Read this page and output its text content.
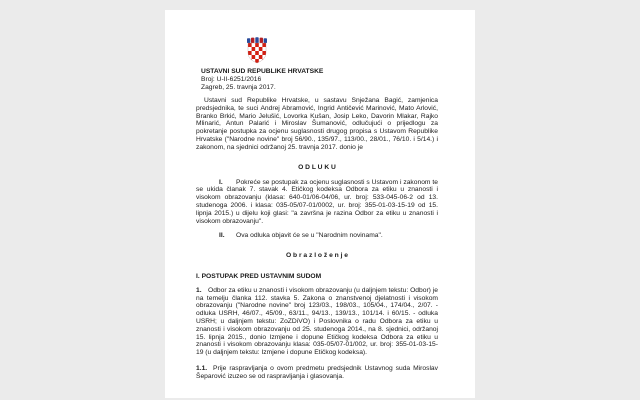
USTAVNI SUD REPUBLIKE HRVATSKE
Broj: U-II-6251/2016
Zagreb, 25. travnja 2017.

Ustavni sud Republike Hrvatske, u sastavu Snježana Bagić, zamjenica predsjednika, te suci Andrej Abramović, Ingrid Antičević Marinović, Mato Arlović, Branko Brkić, Mario Jelušić, Lovorka Kušan, Josip Leko, Davorin Mlakar, Rajko Mlinarić, Antun Palarić i Miroslav Šumanović, odlučujući o prijedlogu za pokretanje postupka za ocjenu suglasnosti drugog propisa s Ustavom Republike Hrvatske ("Narodne novine" broj 56/90., 135/97., 113/00., 28/01., 76/10. i 5/14.) i zakonom, na sjednici održanoj 25. travnja 2017. donio je

O D L U K U

I. Pokreće se postupak za ocjenu suglasnosti s Ustavom i zakonom te se ukida članak 7. stavak 4. Etičkog kodeksa Odbora za etiku u znanosti i visokom obrazovanju (klasa: 640-01/06-04/06, ur. broj: 533-045-06-2 od 13. studenoga 2006. i klasa: 035-05/07-01/0002, ur. broj: 355-01-03-15-19 od 15. lipnja 2015.) u dijelu koji glasi: "a završna je razina Odbor za etiku u znanosti i visokom obrazovanju".

II. Ova odluka objavit će se u "Narodnim novinama".

O b r a z l o ž e n j e
I. POSTUPAK PRED USTAVNIM SUDOM

1. Odbor za etiku u znanosti i visokom obrazovanju (u daljnjem tekstu: Odbor) je na temelju članka 112. stavka 5. Zakona o znanstvenoj djelatnosti i visokom obrazovanju ("Narodne novine" broj 123/03., 198/03., 105/04., 174/04., 2/07. - odluka USRH, 46/07., 45/09., 63/11., 94/13., 139/13., 101/14. i 60/15. - odluka USRH; u daljnjem tekstu: ZoZDiVO) i Poslovnika o radu Odbora za etiku u znanosti i visokom obrazovanju od 25. studenoga 2014., na 8. sjednici, održanoj 15. lipnja 2015., donio Izmjene i dopune Etičkog kodeksa Odbora za etiku u znanosti i visokom obrazovanju klasa: 035-05/07-01/002, ur. broj: 355-01-03-15-19 (u daljnjem tekstu: Izmjene i dopune Etičkog kodeksa).

1.1. Prije raspravljanja o ovom predmetu predsjednik Ustavnog suda Miroslav Šeparović izuzeo se od raspravljanja i glasovanja.
